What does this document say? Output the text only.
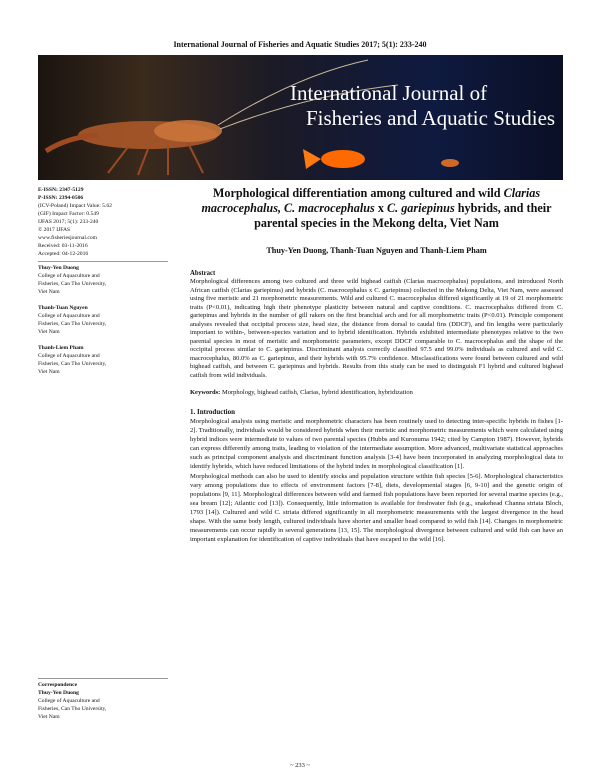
International Journal of Fisheries and Aquatic Studies 2017; 5(1): 233-240
International Journal of
Fisheries and Aquatic Studies
E-ISSN: 2347-5129
P-ISSN: 2394-0506
(ICV-Poland) Impact Value: 5.62
(GIF) Impact Factor: 0.549
IJFAS 2017; 5(1): 233-240
© 2017 IJFAS
www.fisheriesjournal.com
Received: 03-11-2016
Accepted: 04-12-2016
Thuy-Yen Duong
College of Aquaculture and
Fisheries, Can Tho University,
Viet Nam
Thanh-Tuan Nguyen
College of Aquaculture and
Fisheries, Can Tho University,
Viet Nam
Thanh-Liem Pham
College of Aquaculture and
Fisheries, Can Tho University,
Viet Nam
Correspondence
Thuy-Yen Duong
College of Aquaculture and
Fisheries, Can Tho University,
Viet Nam
Morphological differentiation among cultured and wild Clarias macrocephalus, C. macrocephalus x C. gariepinus hybrids, and their parental species in the Mekong delta, Viet Nam
Thuy-Yen Duong, Thanh-Tuan Nguyen and Thanh-Liem Pham
Abstract
Morphological differences among two cultured and three wild bighead catfish (Clarias macrocephalus) populations, and introduced North African catfish (Clarias gariepinus) and hybrids (C. macrocephalus x C. gariepinus) collected in the Mekong Delta, Viet Nam, were assessed using five meristic and 21 morphometric measurements. Wild and cultured C. macrocephalus differed significantly at 19 of 21 morphometric traits (P<0.01), indicating high their phenotype plasticity between natural and captive conditions. C. macrocephalus differed from C. gariepinus and hybrids in the number of gill rakers on the first branchial arch and for all morphometric traits (P<0.01). Principle component analyses revealed that occipital process size, head size, the distance from dorsal to caudal fins (DDCF), and fin lengths were particularly important to within-, between-species variation and to hybrid identification. Hybrids exhibited intermediate phenotypes relative to the two parental species in most of meristic and morphometric parameters, except DDCF comparable to C. macrocephalus and the shape of the occipital process similar to C. gariepinus. Discriminant analysis correctly classified 97.5 and 99.0% individuals as cultured and wild C. macrocephalus, 80.0% as C. gariepinus, and their hybrids with 95.7% confidence. Misclassifications were found between cultured and wild bighead catfish, and between C. gariepinus and hybrids. Results from this study can be used to distinguish F1 hybrid and cultured bighead catfish from wild individuals.
Keywords: Morphology, bighead catfish, Clarias, hybrid identification, hybridization
1. Introduction
Morphological analysis using meristic and morphometric characters has been routinely used to detecting inter-specific hybrids in fishes [1-2]. Traditionally, individuals would be considered hybrids when their meristic and morphometric measurements which were calculated using hybrid indices were intermediate to values of two parental species (Hubbs and Kuronuma 1942; cited by Campton 1987). However, hybrids can express differently among traits, leading to violation of the intermediate assumption. More advanced, multivariate statistical approaches such as principal component analysis and discriminant function analysis [3-4] have been incorporated in analyzing morphological data to identify hybrids, which have reduced limitations of the hybrid index in morphological classification [1].
Morphological methods can also be used to identify stocks and population structure within fish species [5-6]. Morphological characteristics vary among populations due to effects of environment factors [7-8], diets, developmental stages [6, 9-10] and the genetic origin of populations [9, 11]. Morphological differences between wild and farmed fish populations have been reported for several marine species (e.g., sea bream [12]; Atlantic cod [13]). Consequently, little information is available for freshwater fish (e.g., snakehead Channa striata Bloch, 1793 [14]). Cultured and wild C. striata differed significantly in all morphometric measurements with the largest divergence in the head shape. With the same body length, cultured individuals have shorter and smaller head compared to wild fish [14]. Changes in morphometric measurements can occur rapidly in several generations [13, 15]. The morphological divergence between cultured and wild fish can have an important explanation for identification of captive individuals that have escaped to the wild [16].
~ 233 ~
